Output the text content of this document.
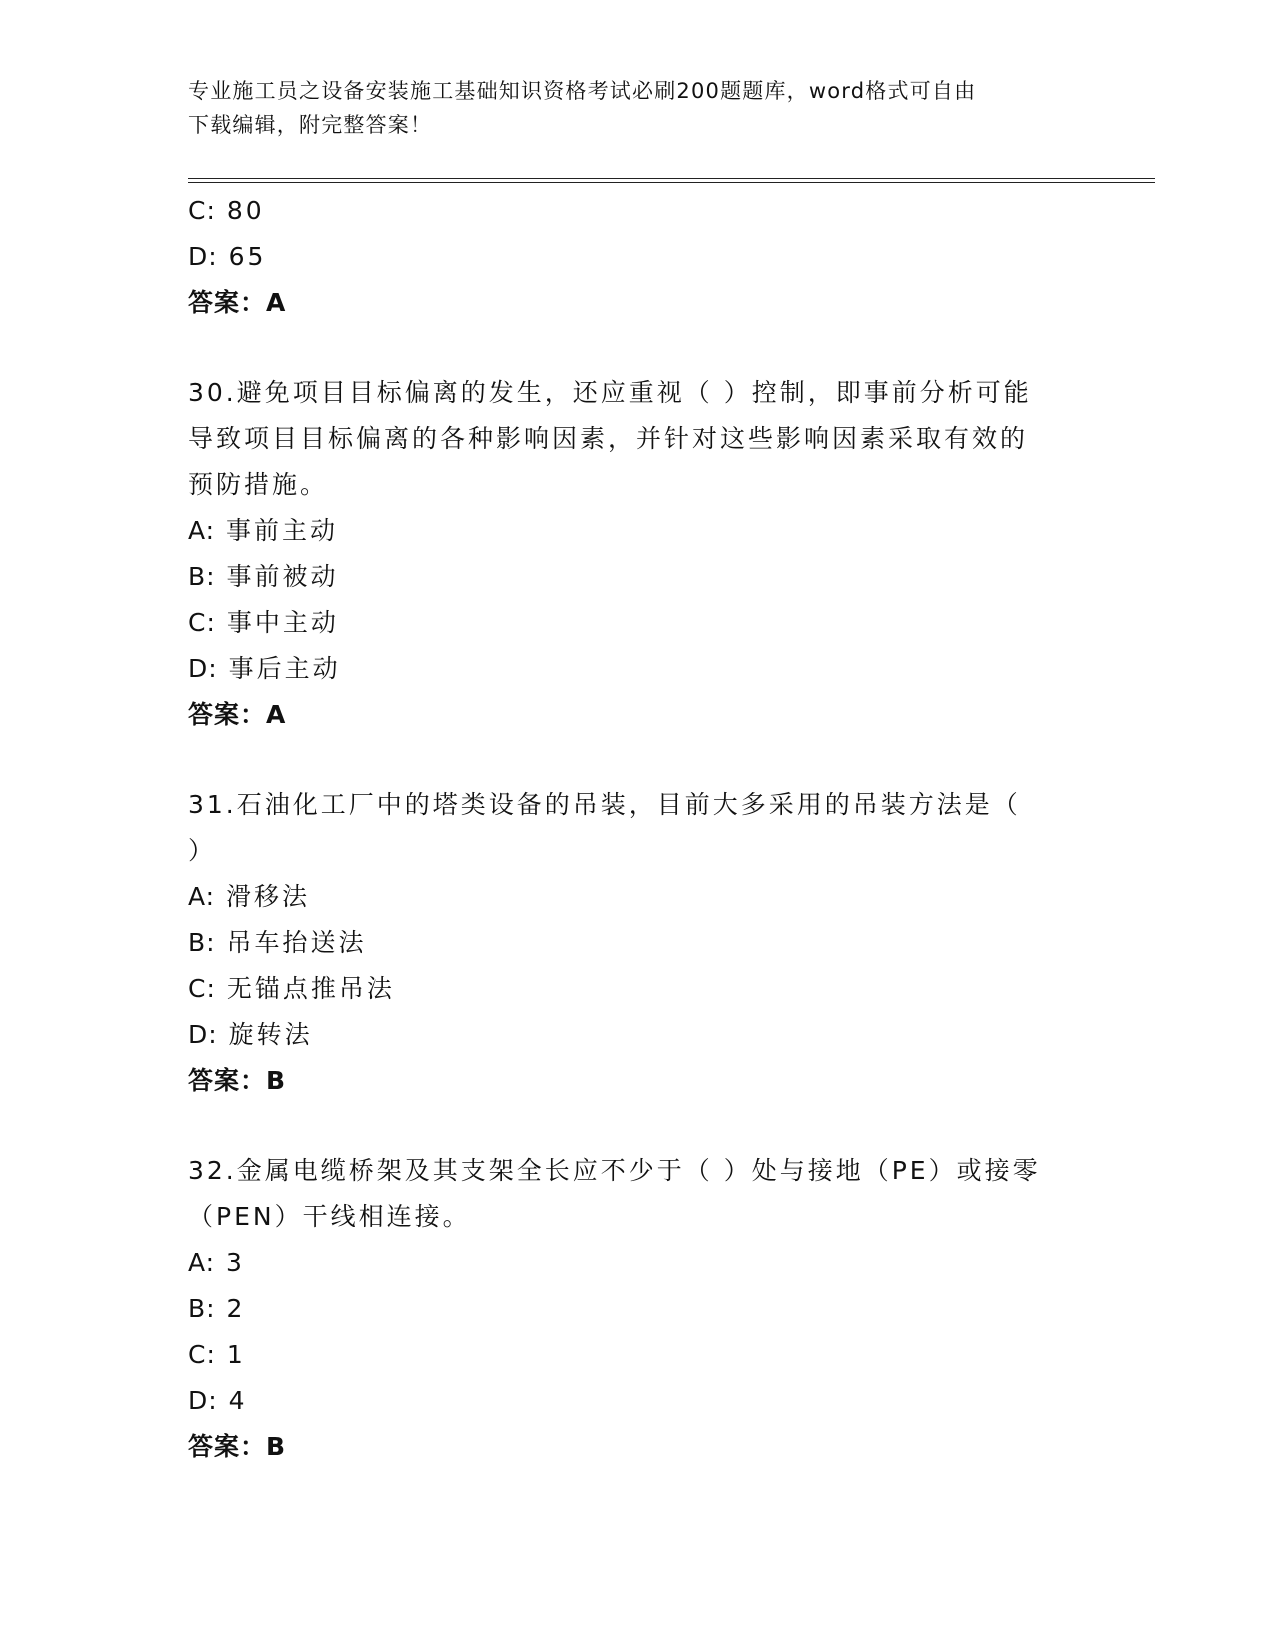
专业施工员之设备安装施工基础知识资格考试必刷200题题库，word格式可自由
下载编辑，附完整答案！
C: 80
D: 65
答案：A
30.避免项目目标偏离的发生，还应重视（ ）控制，即事前分析可能
导致项目目标偏离的各种影响因素，并针对这些影响因素采取有效的
预防措施。
A: 事前主动
B: 事前被动
C: 事中主动
D: 事后主动
答案：A
31.石油化工厂中的塔类设备的吊装，目前大多采用的吊装方法是（
）
A: 滑移法
B: 吊车抬送法
C: 无锚点推吊法
D: 旋转法
答案：B
32.金属电缆桥架及其支架全长应不少于（ ）处与接地（PE）或接零
（PEN）干线相连接。
A: 3
B: 2
C: 1
D: 4
答案：B
